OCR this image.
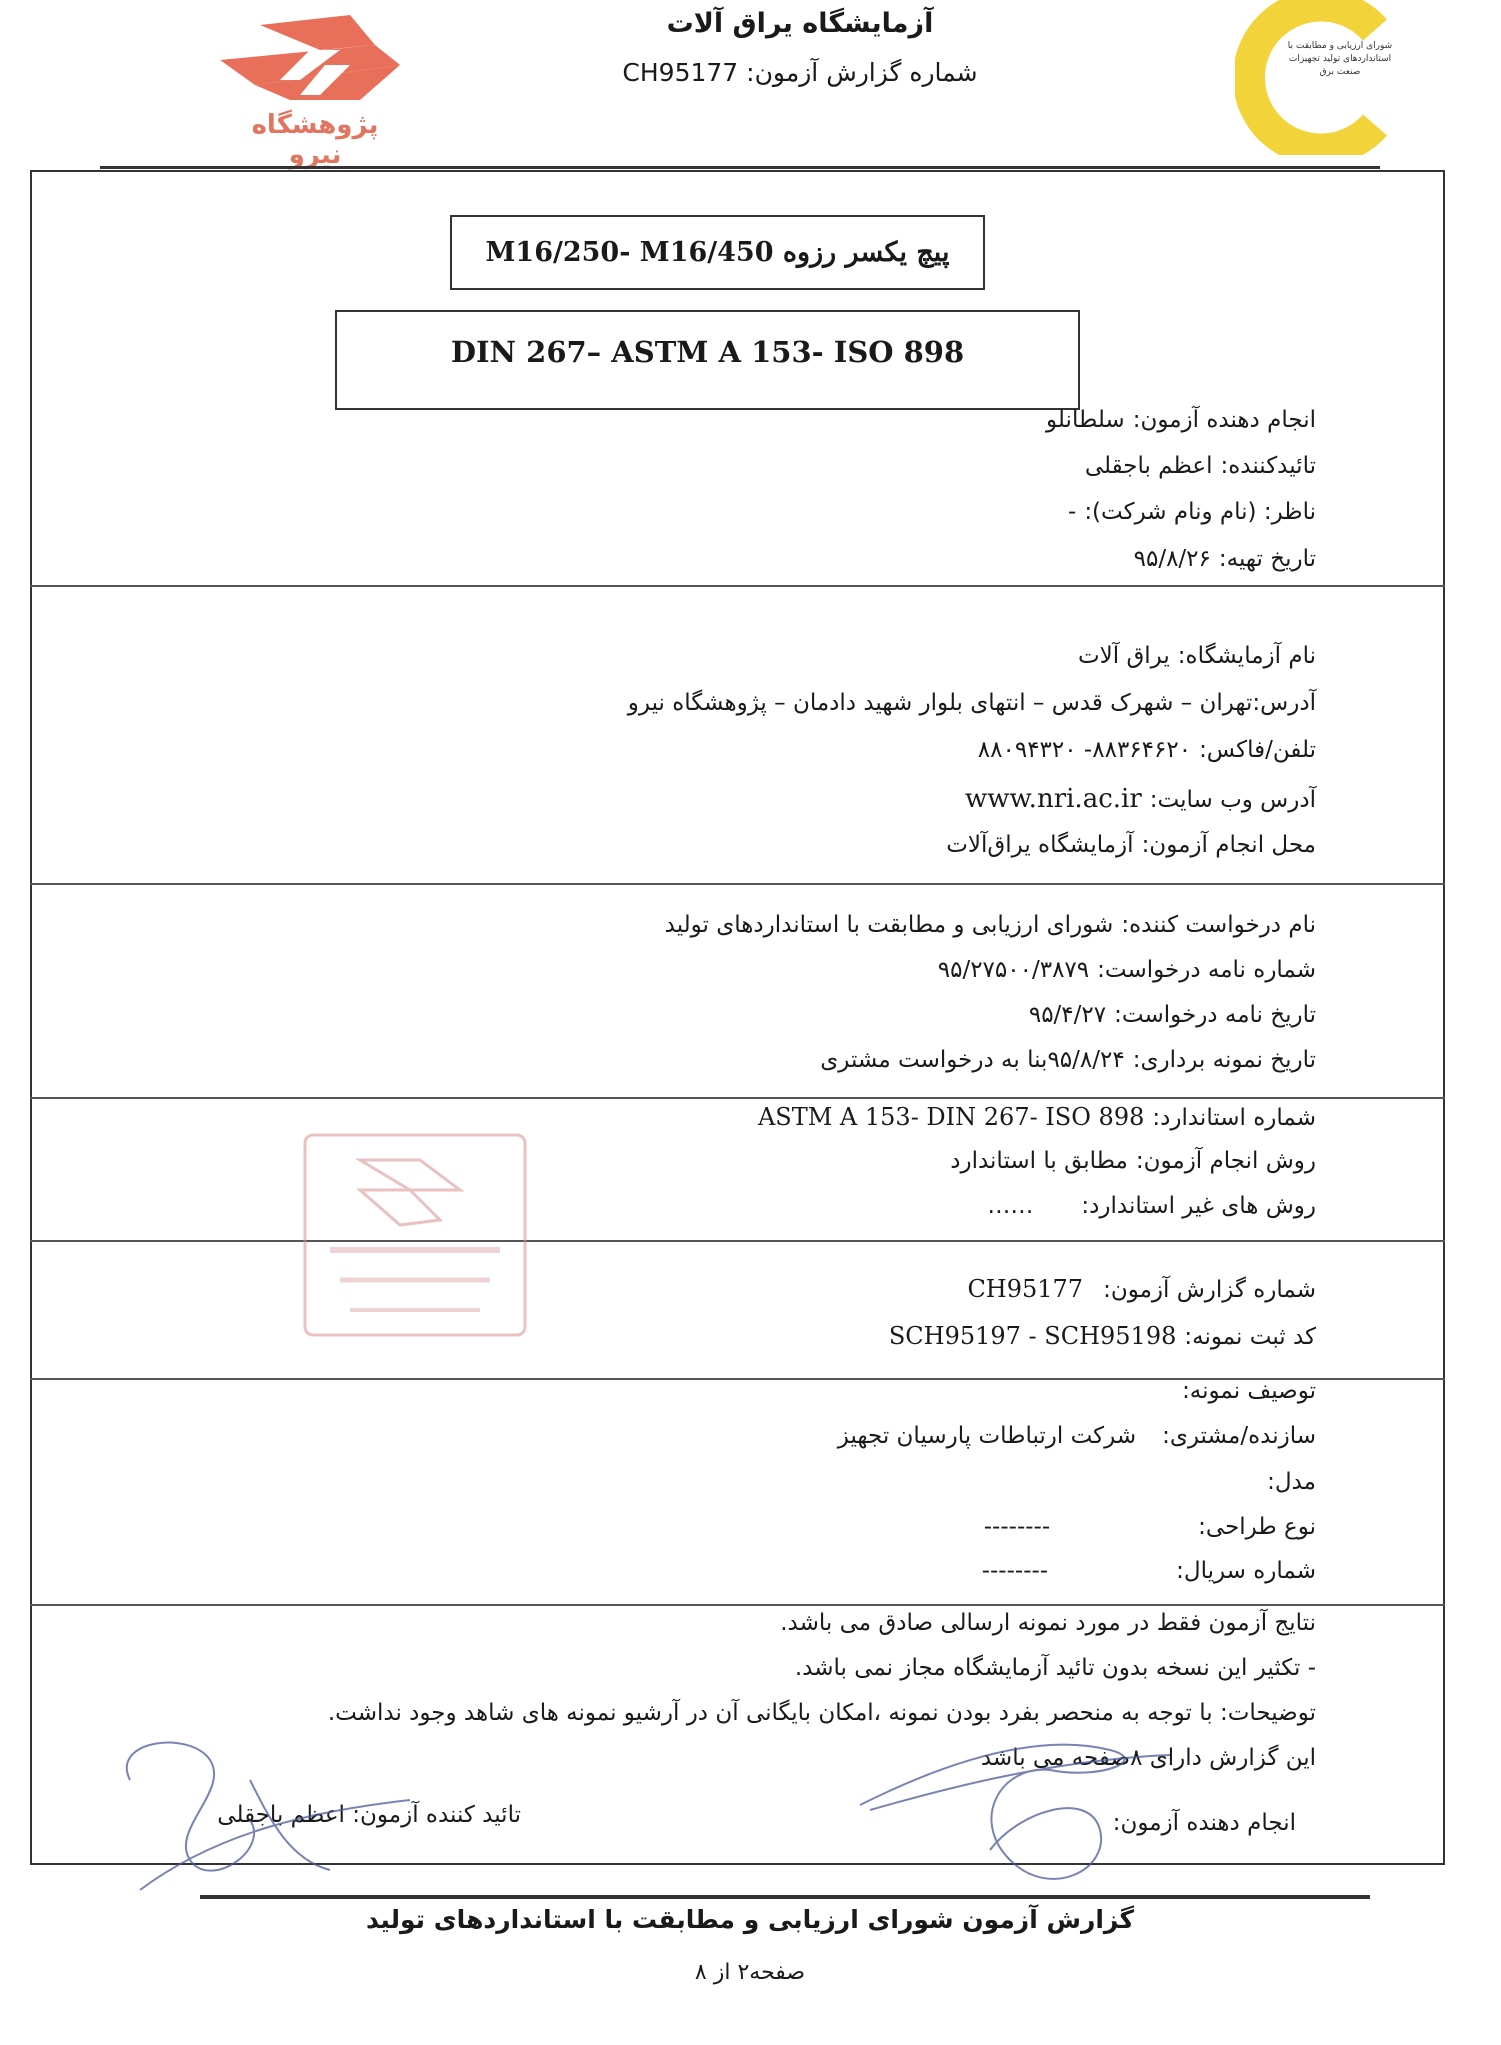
آزمایشگاه یراق آلات
شماره گزارش آزمون: CH95177
پژوهشگاه نیرو
شورای ارزیابی و مطابقت با استانداردهای تولید تجهیزات صنعت برق
پیچ یکسر رزوه M16/250- M16/450
DIN 267– ASTM A 153- ISO 898
انجام دهنده آزمون:
سلطانلو
تائیدکننده:
اعظم باجقلی
ناظر: (نام ونام شرکت):
-
تاریخ تهیه:
۹۵/۸/۲۶
نام آزمایشگاه:
یراق آلات
آدرس:تهران – شهرک قدس – انتهای بلوار شهید دادمان – پژوهشگاه نیرو
تلفن/فاکس:
۸۸۳۶۴۶۲۰- ۸۸۰۹۴۳۲۰
آدرس وب سایت:
www.nri.ac.ir
محل انجام آزمون:
آزمایشگاه یراق‌آلات
نام درخواست کننده:
شورای ارزیابی و مطابقت با استانداردهای تولید
شماره نامه درخواست:
۹۵/۲۷۵۰۰/۳۸۷۹
تاریخ نامه درخواست:
۹۵/۴/۲۷
تاریخ نمونه برداری:
۹۵/۸/۲۴بنا به درخواست مشتری
شماره استاندارد:
ASTM A 153- DIN 267- ISO 898
روش انجام آزمون:
مطابق با استاندارد
روش های غیر استاندارد:
……
شماره گزارش آزمون:
CH95177
کد ثبت نمونه:
SCH95197 - SCH95198
توصیف نمونه:
سازنده/مشتری:
شرکت ارتباطات پارسیان تجهیز
مدل:
نوع طراحی:
--------
شماره سریال:
--------
نتایج آزمون فقط در مورد نمونه ارسالی صادق می باشد.
- تکثیر این نسخه بدون تائید آزمایشگاه مجاز نمی باشد.
توضیحات: با توجه به منحصر بفرد بودن نمونه ،امکان بایگانی آن در آرشیو نمونه های شاهد وجود نداشت.
این گزارش دارای ۸صفحه می باشد
انجام دهنده آزمون:
تائید کننده آزمون: اعظم باجقلی
گزارش آزمون شورای ارزیابی و مطابقت با استانداردهای تولید
صفحه۲ از ۸
